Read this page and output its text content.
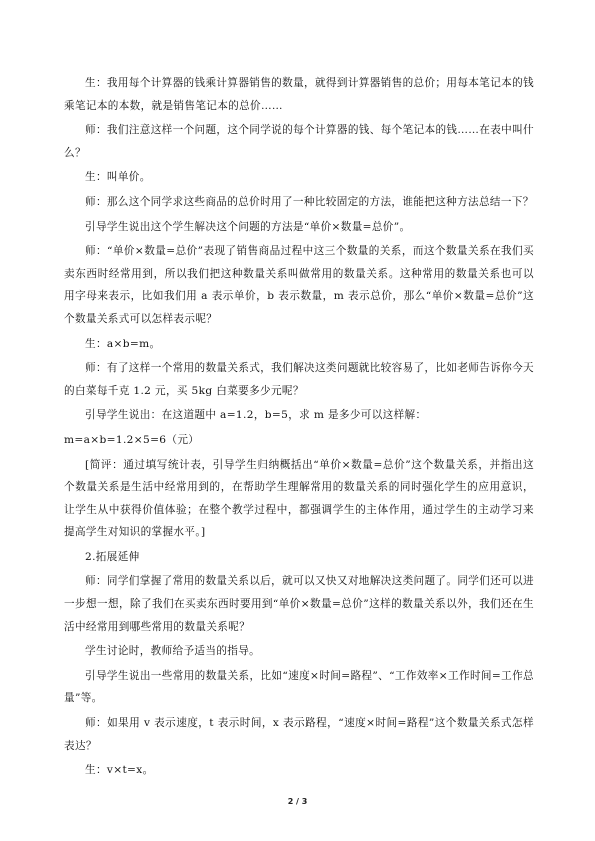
生：我用每个计算器的钱乘计算器销售的数量，就得到计算器销售的总价；用每本笔记本的钱乘笔记本的本数，就是销售笔记本的总价……

师：我们注意这样一个问题，这个同学说的每个计算器的钱、每个笔记本的钱……在表中叫什么？

生：叫单价。

师：那么这个同学求这些商品的总价时用了一种比较固定的方法，谁能把这种方法总结一下？

引导学生说出这个学生解决这个问题的方法是“单价×数量=总价”。

师：“单价×数量=总价”表现了销售商品过程中这三个数量的关系，而这个数量关系在我们买卖东西时经常用到，所以我们把这种数量关系叫做常用的数量关系。这种常用的数量关系也可以用字母来表示，比如我们用 a 表示单价，b 表示数量，m 表示总价，那么“单价×数量=总价”这个数量关系式可以怎样表示呢？

生：a×b=m。

师：有了这样一个常用的数量关系式，我们解决这类问题就比较容易了，比如老师告诉你今天的白菜每千克 1.2 元，买 5kg 白菜要多少元呢？

引导学生说出：在这道题中 a=1.2，b=5，求 m 是多少可以这样解：

m=a×b=1.2×5=6（元）

[简评：通过填写统计表，引导学生归纳概括出“单价×数量=总价”这个数量关系，并指出这个数量关系是生活中经常用到的，在帮助学生理解常用的数量关系的同时强化学生的应用意识，让学生从中获得价值体验；在整个教学过程中，都强调学生的主体作用，通过学生的主动学习来提高学生对知识的掌握水平。]

2.拓展延伸

师：同学们掌握了常用的数量关系以后，就可以又快又对地解决这类问题了。同学们还可以进一步想一想，除了我们在买卖东西时要用到“单价×数量=总价”这样的数量关系以外，我们还在生活中经常用到哪些常用的数量关系呢？

学生讨论时，教师给予适当的指导。

引导学生说出一些常用的数量关系，比如“速度×时间=路程”、“工作效率×工作时间=工作总量”等。

师：如果用 v 表示速度，t 表示时间，x 表示路程，“速度×时间=路程”这个数量关系式怎样表达？

生：v×t=x。

2 / 3
